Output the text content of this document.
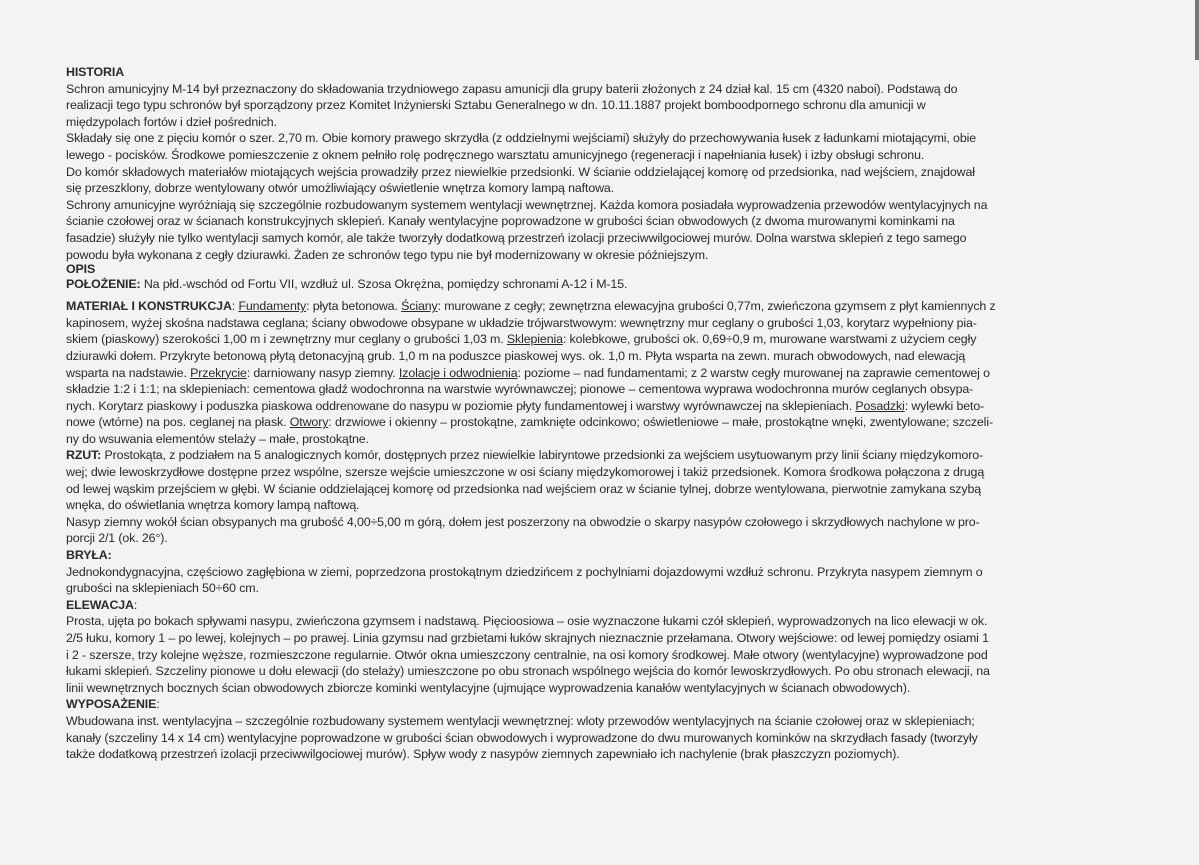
HISTORIA
Schron amunicyjny M-14 był przeznaczony do składowania trzydniowego zapasu amunicji dla grupy baterii złożonych z 24 dział kal. 15 cm (4320 naboi). Podstawą do
realizacji tego typu schronów był sporządzony przez Komitet Inżynierski Sztabu Generalnego w dn. 10.11.1887 projekt bomboodpornego schronu dla amunicji w
międzypolach fortów i dzieł pośrednich.
Składały się one z pięciu komór o szer. 2,70 m. Obie komory prawego skrzydła (z oddzielnymi wejściami) służyły do przechowywania łusek z ładunkami miotającymi, obie
lewego - pocisków. Środkowe pomieszczenie z oknem pełniło rolę podręcznego warsztatu amunicyjnego (regeneracji i napełniania łusek) i izby obsługi schronu.
Do komór składowych materiałów miotających wejścia prowadziły przez niewielkie przedsionki. W ścianie oddzielającej komorę od przedsionka, nad wejściem, znajdował
się przeszklony, dobrze wentylowany otwór umożliwiający oświetlenie wnętrza komory lampą naftowa.
Schrony amunicyjne wyróżniają się szczególnie rozbudowanym systemem wentylacji wewnętrznej. Każda komora posiadała wyprowadzenia przewodów wentylacyjnych na
ścianie czołowej oraz w ścianach konstrukcyjnych sklepień. Kanały wentylacyjne poprowadzone w grubości ścian obwodowych (z dwoma murowanymi kominkami na
fasadzie) służyły nie tylko wentylacji samych komór, ale także tworzyły dodatkową przestrzeń izolacji przeciwwilgociowej murów. Dolna warstwa sklepień z tego samego
powodu była wykonana z cegły dziurawki. Żaden ze schronów tego typu nie był modernizowany w okresie późniejszym.
OPIS
POŁOŻENIE: Na płd.-wschód od Fortu VII, wzdłuż ul. Szosa Okrężna, pomiędzy schronami A-12 i M-15.
MATERIAŁ I KONSTRUKCJA: Fundamenty: płyta betonowa. Ściany: murowane z cegły; zewnętrzna elewacyjna grubości 0,77m, zwieńczona gzymsem z płyt kamiennych z
kapinosem, wyżej skośna nadstawa ceglana; ściany obwodowe obsypane w układzie trójwarstwowym: wewnętrzny mur ceglany o grubości 1,03, korytarz wypełniony pia-
skiem (piaskowy) szerokości 1,00 m i zewnętrzny mur ceglany o grubości 1,03 m. Sklepienia: kolebkowe, grubości ok. 0,69÷0,9 m, murowane warstwami z użyciem cegły
dziurawki dołem. Przykryte betonową płytą detonacyjną grub. 1,0 m na poduszce piaskowej wys. ok. 1,0 m. Płyta wsparta na zewn. murach obwodowych, nad elewacją
wsparta na nadstawie. Przekrycie: darniowany nasyp ziemny. Izolacje i odwodnienia: poziome – nad fundamentami; z 2 warstw cegły murowanej na zaprawie cementowej o
składzie 1:2 i 1:1; na sklepieniach: cementowa gładź wodochronna na warstwie wyrównawczej; pionowe – cementowa wyprawa wodochronna murów ceglanych obsypa-
nych. Korytarz piaskowy i poduszka piaskowa oddrenowane do nasypu w poziomie płyty fundamentowej i warstwy wyrównawczej na sklepieniach. Posadzki: wylewki beto-
nowe (wtórne) na pos. ceglanej na płask. Otwory: drzwiowe i okienny – prostokątne, zamknięte odcinkowo; oświetleniowe – małe, prostokątne wnęki, zwentylowane; szczeli-
ny do wsuwania elementów stelaży – małe, prostokątne.
RZUT: Prostokąta, z podziałem na 5 analogicznych komór, dostępnych przez niewielkie labiryntowe przedsionki za wejściem usytuowanym przy linii ściany międzykomoro-
wej; dwie lewoskrzydłowe dostępne przez wspólne, szersze wejście umieszczone w osi ściany międzykomorowej i takiż przedsionek. Komora środkowa połączona z drugą
od lewej wąskim przejściem w głębi. W ścianie oddzielającej komorę od przedsionka nad wejściem oraz w ścianie tylnej, dobrze wentylowana, pierwotnie zamykana szybą
wnęka, do oświetlania wnętrza komory lampą naftową.
Nasyp ziemny wokół ścian obsypanych ma grubość 4,00÷5,00 m górą, dołem jest poszerzony na obwodzie o skarpy nasypów czołowego i skrzydłowych nachylone w pro-
porcji 2/1 (ok. 26°).
BRYŁA:
Jednokondygnacyjna, częściowo zagłębiona w ziemi, poprzedzona prostokątnym dziedzińcem z pochylniami dojazdowymi wzdłuż schronu. Przykryta nasypem ziemnym o
grubości na sklepieniach 50÷60 cm.
ELEWACJA:
Prosta, ujęta po bokach spływami nasypu, zwieńczona gzymsem i nadstawą. Pięcioosiowa – osie wyznaczone łukami czół sklepień, wyprowadzonych na lico elewacji w ok.
2/5 łuku, komory 1 – po lewej, kolejnych – po prawej. Linia gzymsu nad grzbietami łuków skrajnych nieznacznie przełamana. Otwory wejściowe: od lewej pomiędzy osiami 1
i 2 - szersze, trzy kolejne węższe, rozmieszczone regularnie. Otwór okna umieszczony centralnie, na osi komory środkowej. Małe otwory (wentylacyjne) wyprowadzone pod
łukami sklepień. Szczeliny pionowe u dołu elewacji (do stelaży) umieszczone po obu stronach wspólnego wejścia do komór lewoskrzydłowych. Po obu stronach elewacji, na
linii wewnętrznych bocznych ścian obwodowych zbiorcze kominki wentylacyjne (ujmujące wyprowadzenia kanałów wentylacyjnych w ścianach obwodowych).
WYPOSAŻENIE:
Wbudowana inst. wentylacyjna – szczególnie rozbudowany systemem wentylacji wewnętrznej: wloty przewodów wentylacyjnych na ścianie czołowej oraz w sklepieniach;
kanały (szczeliny 14 x 14 cm) wentylacyjne poprowadzone w grubości ścian obwodowych i wyprowadzone do dwu murowanych kominków na skrzydłach fasady (tworzyły
także dodatkową przestrzeń izolacji przeciwwilgociowej murów). Spływ wody z nasypów ziemnych zapewniało ich nachylenie (brak płaszczyzn poziomych).
